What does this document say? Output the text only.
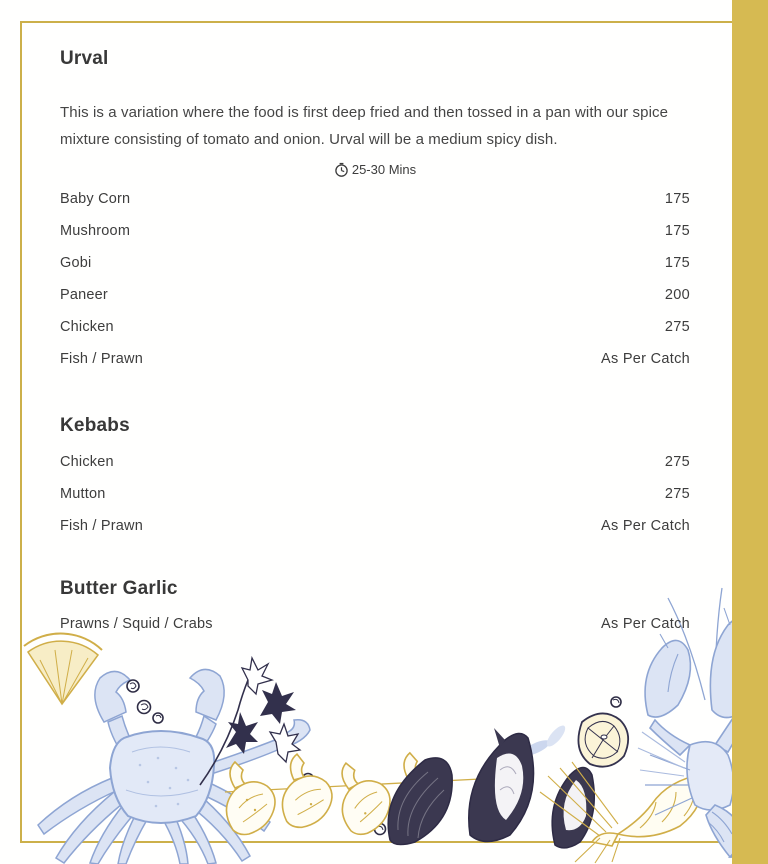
Urval

This is a variation where the food is first deep fried and then tossed in a pan with our spice mixture consisting of tomato and onion. Urval will be a medium spicy dish.

25-30 Mins
Baby Corn	175
Mushroom	175
Gobi	175
Paneer	200
Chicken	275
Fish / Prawn	As Per Catch
Kebabs
Chicken	275
Mutton	275
Fish / Prawn	As Per Catch
Butter Garlic
Prawns / Squid / Crabs	As Per Catch
